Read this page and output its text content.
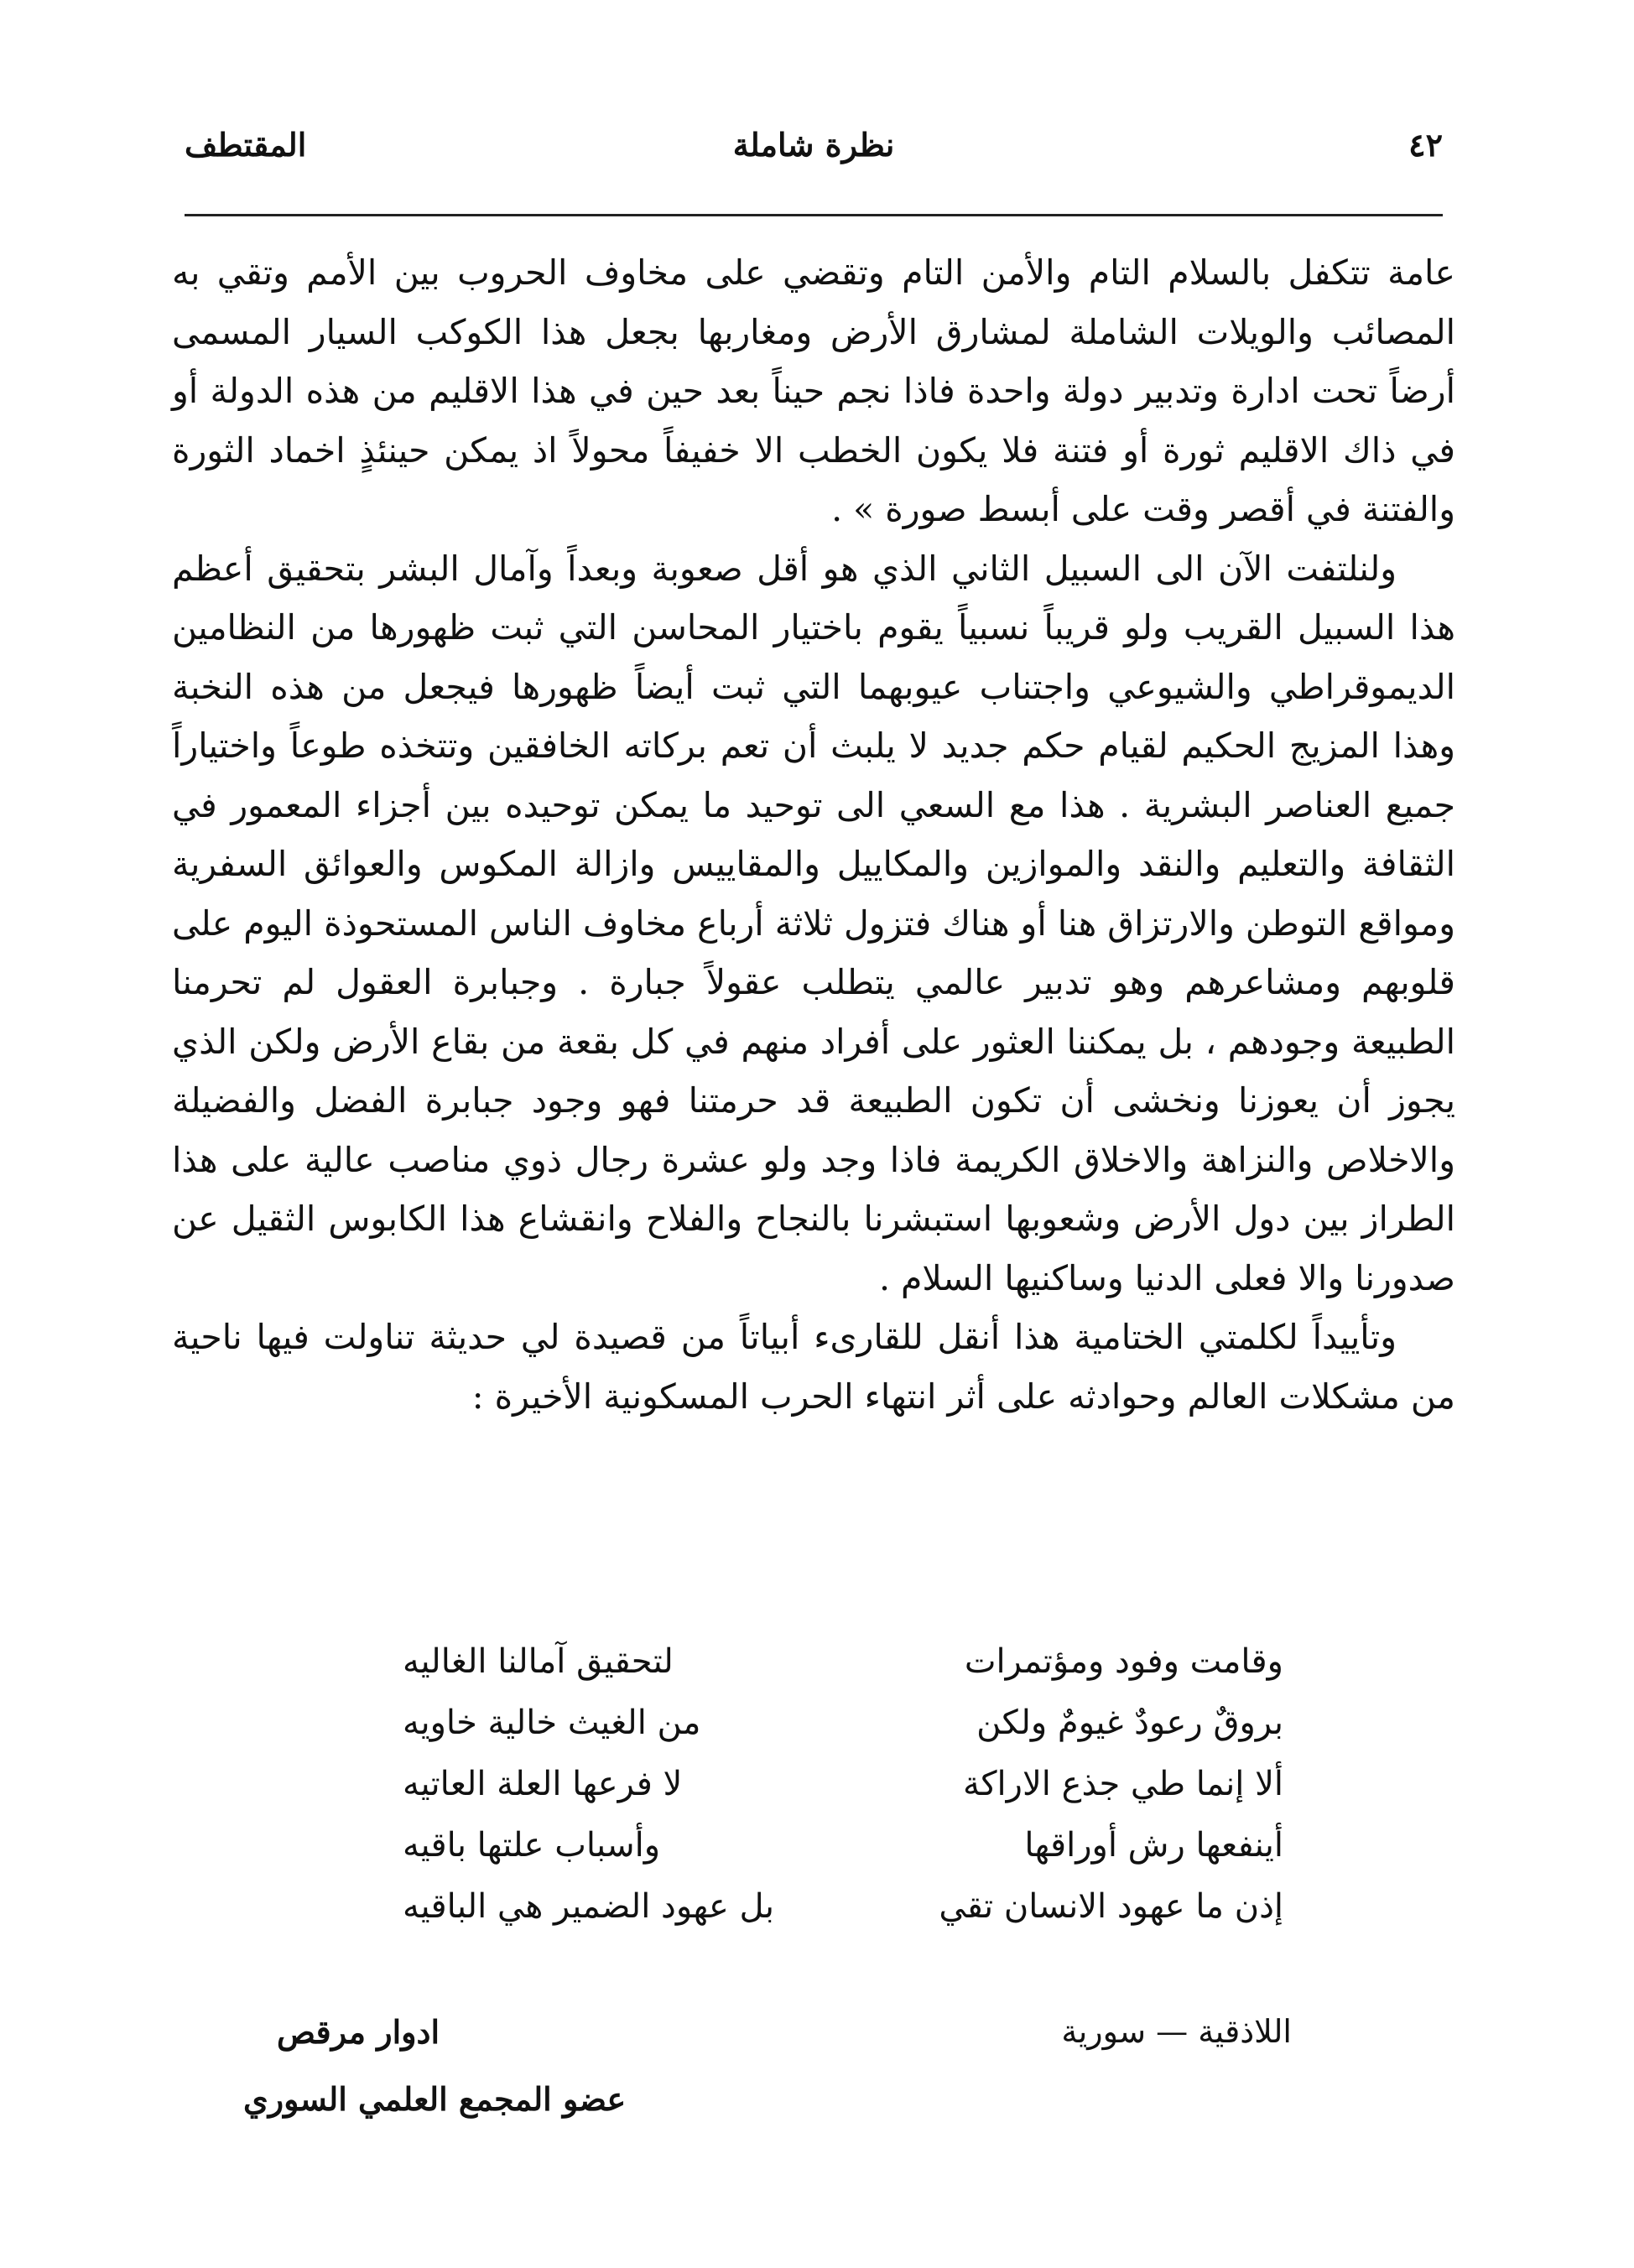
٤٢
نظرة شاملة
المقتطف

عامة تتكفل بالسلام التام والأمن التام وتقضي على مخاوف الحروب بين الأمم وتقي به المصائب والويلات الشاملة لمشارق الأرض ومغاربها بجعل هذا الكوكب السيار المسمى أرضاً تحت ادارة وتدبير دولة واحدة فاذا نجم حيناً بعد حين في هذا الاقليم من هذه الدولة أو في ذاك الاقليم ثورة أو فتنة فلا يكون الخطب الا خفيفاً محولاً اذ يمكن حينئذٍ اخماد الثورة والفتنة في أقصر وقت على أبسط صورة » .

ولنلتفت الآن الى السبيل الثاني الذي هو أقل صعوبة وبعداً وآمال البشر بتحقيق أعظم هذا السبيل القريب ولو قريباً نسبياً يقوم باختيار المحاسن التي ثبت ظهورها من النظامين الديموقراطي والشيوعي واجتناب عيوبهما التي ثبت أيضاً ظهورها فيجعل من هذه النخبة وهذا المزيج الحكيم لقيام حكم جديد لا يلبث أن تعم بركاته الخافقين وتتخذه طوعاً واختياراً جميع العناصر البشرية . هذا مع السعي الى توحيد ما يمكن توحيده بين أجزاء المعمور في الثقافة والتعليم والنقد والموازين والمكاييل والمقاييس وازالة المكوس والعوائق السفرية ومواقع التوطن والارتزاق هنا أو هناك فتزول ثلاثة أرباع مخاوف الناس المستحوذة اليوم على قلوبهم ومشاعرهم وهو تدبير عالمي يتطلب عقولاً جبارة . وجبابرة العقول لم تحرمنا الطبيعة وجودهم ، بل يمكننا العثور على أفراد منهم في كل بقعة من بقاع الأرض ولكن الذي يجوز أن يعوزنا ونخشى أن تكون الطبيعة قد حرمتنا فهو وجود جبابرة الفضل والفضيلة والاخلاص والنزاهة والاخلاق الكريمة فاذا وجد ولو عشرة رجال ذوي مناصب عالية على هذا الطراز بين دول الأرض وشعوبها استبشرنا بالنجاح والفلاح وانقشاع هذا الكابوس الثقيل عن صدورنا والا فعلى الدنيا وساكنيها السلام .

وتأييداً لكلمتي الختامية هذا أنقل للقارىء أبياتاً من قصيدة لي حديثة تناولت فيها ناحية من مشكلات العالم وحوادثه على أثر انتهاء الحرب المسكونية الأخيرة :

وقامت وفود ومؤتمرات
لتحقيق آمالنا الغاليه
بروقٌ رعودٌ غيومٌ ولكن
من الغيث خالية خاويه
ألا إنما طي جذع الاراكة
لا فرعها العلة العاتيه
أينفعها رش أوراقها
وأسباب علتها باقيه
إذن ما عهود الانسان تقي
بل عهود الضمير هي الباقيه
اللاذقية — سورية
ادوار مرقص
عضو المجمع العلمي السوري
